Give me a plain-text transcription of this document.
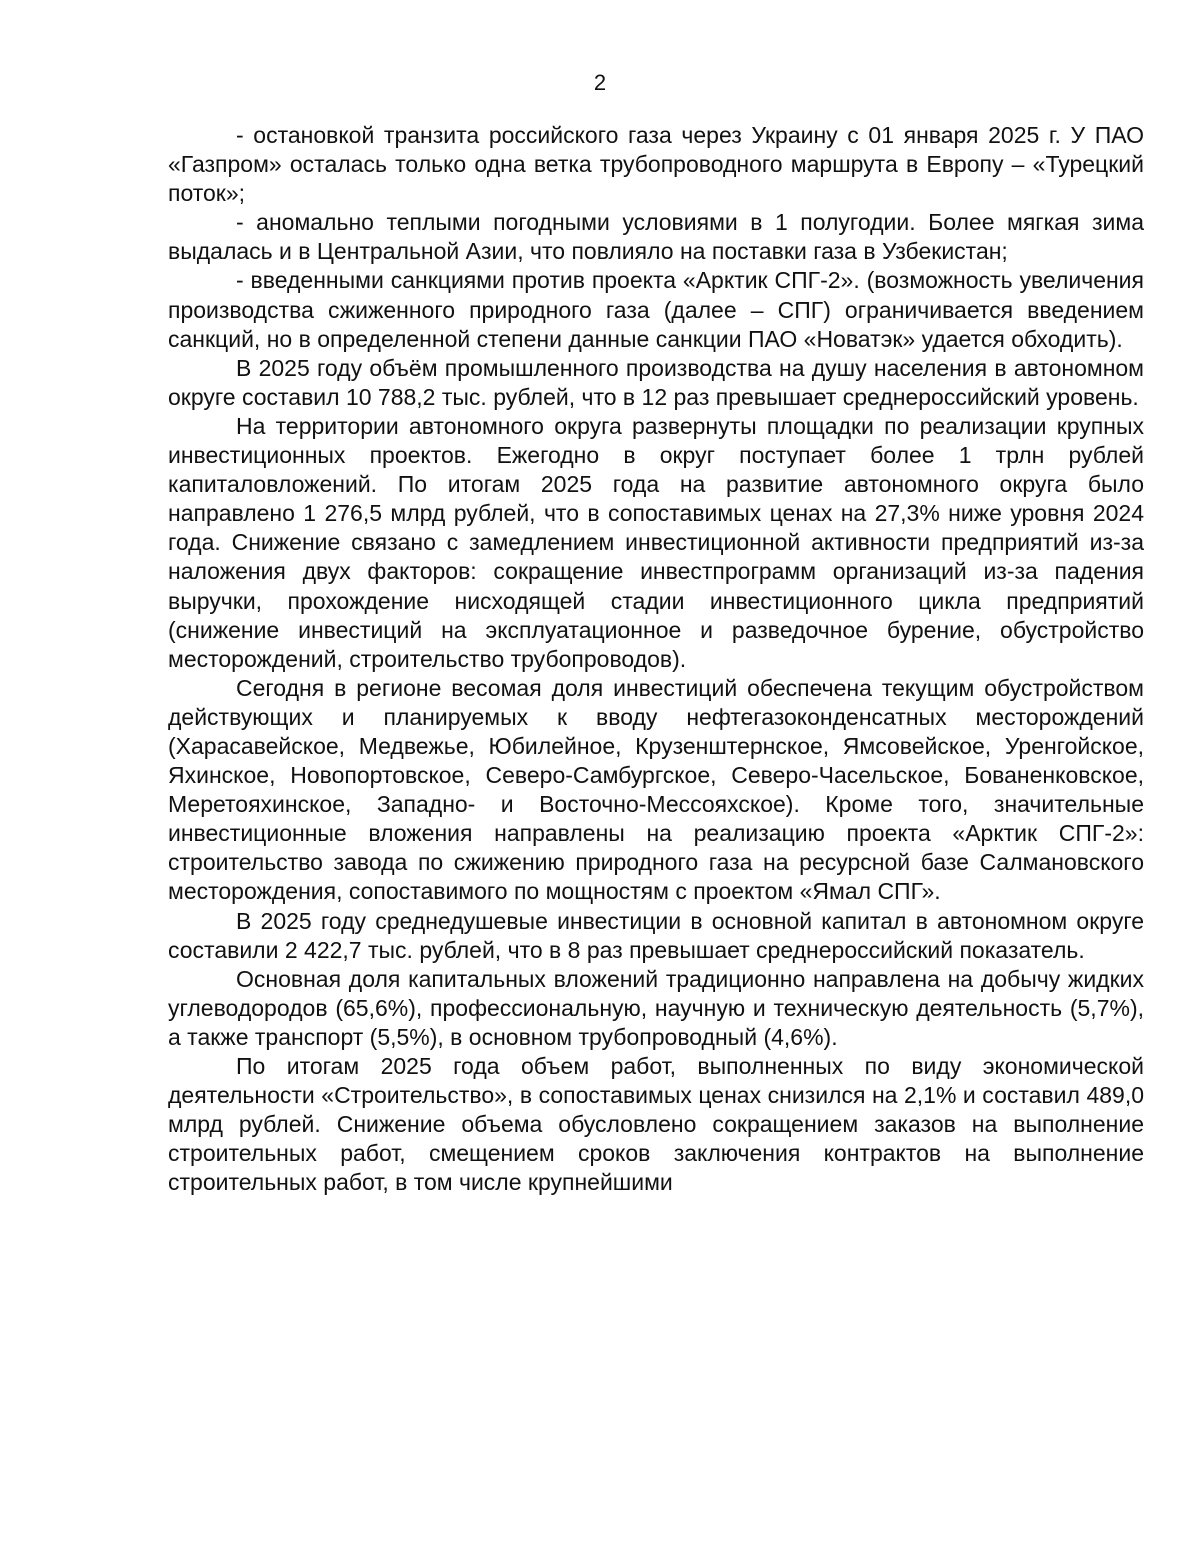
2

- остановкой транзита российского газа через Украину с 01 января 2025 г. У ПАО «Газпром» осталась только одна ветка трубопроводного маршрута в Европу – «Турецкий поток»;

- аномально теплыми погодными условиями в 1 полугодии. Более мягкая зима выдалась и в Центральной Азии, что повлияло на поставки газа в Узбекистан;

- введенными санкциями против проекта «Арктик СПГ-2». (возможность увеличения производства сжиженного природного газа (далее – СПГ) ограничивается введением санкций, но в определенной степени данные санкции ПАО «Новатэк» удается обходить).

В 2025 году объём промышленного производства на душу населения в автономном округе составил 10 788,2 тыс. рублей, что в 12 раз превышает среднероссийский уровень.

На территории автономного округа развернуты площадки по реализации крупных инвестиционных проектов. Ежегодно в округ поступает более 1 трлн рублей капиталовложений. По итогам 2025 года на развитие автономного округа было направлено 1 276,5 млрд рублей, что в сопоставимых ценах на 27,3% ниже уровня 2024 года. Снижение связано с замедлением инвестиционной активности предприятий из-за наложения двух факторов: сокращение инвестпрограмм организаций из-за падения выручки, прохождение нисходящей стадии инвестиционного цикла предприятий (снижение инвестиций на эксплуатационное и разведочное бурение, обустройство месторождений, строительство трубопроводов).

Сегодня в регионе весомая доля инвестиций обеспечена текущим обустройством действующих и планируемых к вводу нефтегазоконденсатных месторождений (Харасавейское, Медвежье, Юбилейное, Крузенштернское, Ямсовейское, Уренгойское, Яхинское, Новопортовское, Северо-Самбургское, Северо-Часельское, Бованенковское, Меретояхинское, Западно- и Восточно-Мессояхское). Кроме того, значительные инвестиционные вложения направлены на реализацию проекта «Арктик СПГ-2»: строительство завода по сжижению природного газа на ресурсной базе Салмановского месторождения, сопоставимого по мощностям с проектом «Ямал СПГ».

В 2025 году среднедушевые инвестиции в основной капитал в автономном округе составили 2 422,7 тыс. рублей, что в 8 раз превышает среднероссийский показатель.

Основная доля капитальных вложений традиционно направлена на добычу жидких углеводородов (65,6%), профессиональную, научную и техническую деятельность (5,7%), а также транспорт (5,5%), в основном трубопроводный (4,6%).

По итогам 2025 года объем работ, выполненных по виду экономической деятельности «Строительство», в сопоставимых ценах снизился на 2,1% и составил 489,0 млрд рублей. Снижение объема обусловлено сокращением заказов на выполнение строительных работ, смещением сроков заключения контрактов на выполнение строительных работ, в том числе крупнейшими
